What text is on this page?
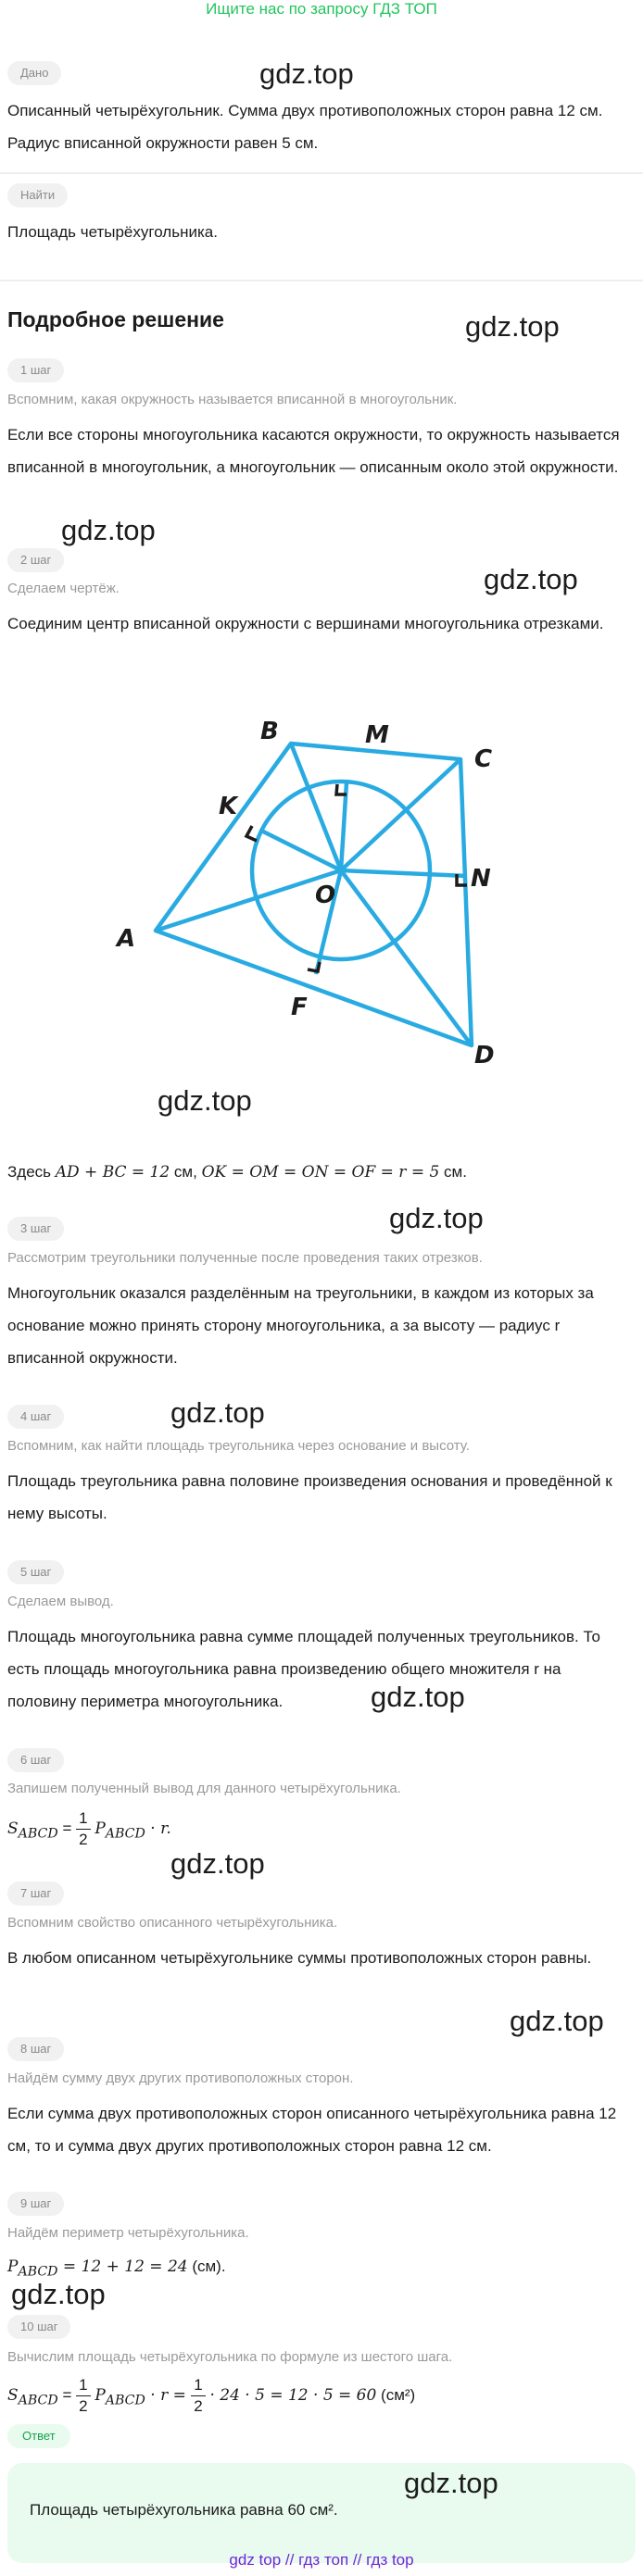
Ищите нас по запросу ГДЗ ТОП
Дано	gdz.top
Описанный четырёхугольник. Сумма двух противоположных сторон равна 12 см. Радиус вписанной окружности равен 5 см.
Найти
Площадь четырёхугольника.
Подробное решение	gdz.top
1 шаг
Вспомним, какая окружность называется вписанной в многоугольник.
Если все стороны многоугольника касаются окружности, то окружность называется вписанной в многоугольник, а многоугольник — описанным около этой окружности.
gdz.top
2 шаг
gdz.top
Сделаем чертёж.
Соединим центр вписанной окружности с вершинами многоугольника отрезками.
A
B
C
D
K
M
N
F
O
gdz.top
Здесь AD + BC = 12 см, OK = OM = ON = OF = r = 5 см.
gdz.top
3 шаг
Рассмотрим треугольники полученные после проведения таких отрезков.
Многоугольник оказался разделённым на треугольники, в каждом из которых за основание можно принять сторону многоугольника, а за высоту — радиус r вписанной окружности.
4 шаг	gdz.top
Вспомним, как найти площадь треугольника через основание и высоту.
Площадь треугольника равна половине произведения основания и проведённой к нему высоты.
5 шаг
Сделаем вывод.
Площадь многоугольника равна сумме площадей полученных треугольников. То есть площадь многоугольника равна произведению общего множителя r на половину периметра многоугольника.	gdz.top
6 шаг
Запишем полученный вывод для данного четырёхугольника.
$S_{ABCD} = \frac{1}{2} P_{ABCD} \cdot r$.
gdz.top
7 шаг
Вспомним свойство описанного четырёхугольника.
В любом описанном четырёхугольнике суммы противоположных сторон равны.
gdz.top
8 шаг
Найдём сумму двух других противоположных сторон.
Если сумма двух противоположных сторон описанного четырёхугольника равна 12 см, то и сумма двух других противоположных сторон равна 12 см.
9 шаг
Найдём периметр четырёхугольника.
$P_{ABCD} = 12 + 12 = 24$ (см).
gdz.top
10 шаг
Вычислим площадь четырёхугольника по формуле из шестого шага.
$S_{ABCD} = \frac{1}{2} P_{ABCD} \cdot r = \frac{1}{2} \cdot 24 \cdot 5 = 12 \cdot 5 = 60$ (см²)
Ответ
gdz.top
Площадь четырёхугольника равна 60 см².
gdz top // гдз топ // гдз top
